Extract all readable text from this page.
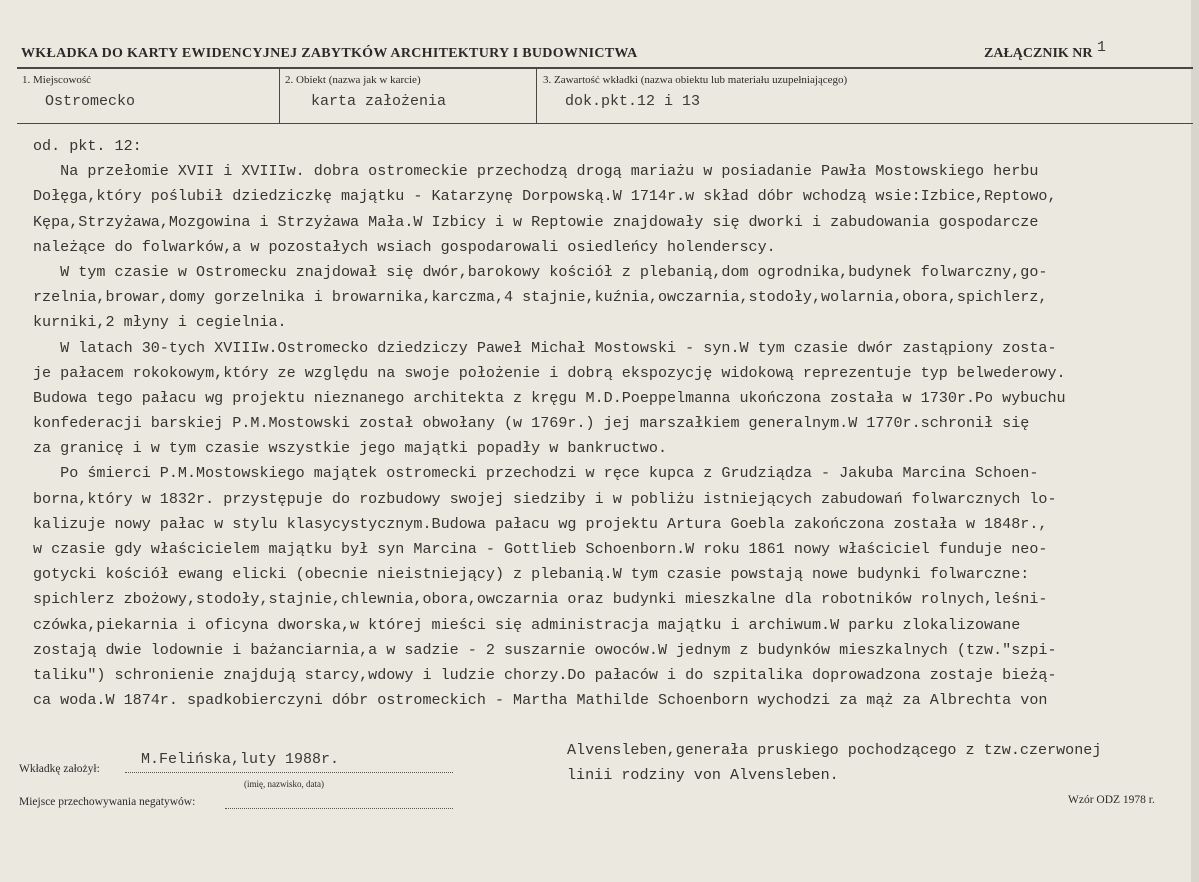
WKŁADKA DO KARTY EWIDENCYJNEJ ZABYTKÓW ARCHITEKTURY I BUDOWNICTWA	ZAŁĄCZNIK NR 1
1. Miejscowość
Ostromecko
2. Obiekt (nazwa jak w karcie)
karta założenia
3. Zawartość wkładki (nazwa obiektu lub materiału uzupełniającego)
dok.pkt.12 i 13
od. pkt. 12:
Na przełomie XVII i XVIIIw. dobra ostromeckie przechodzą drogą mariażu w posiadanie Pawła Mostowskiego herbu
Dołęga,który poślubił dziedziczkę majątku - Katarzynę Dorpowską.W 1714r.w skład dóbr wchodzą wsie:Izbice,Reptowo,
Kępa,Strzyżawa,Mozgowina i Strzyżawa Mała.W Izbicy i w Reptowie znajdowały się dworki i zabudowania gospodarcze
należące do folwarków,a w pozostałych wsiach gospodarowali osiedleńcy holenderscy.
W tym czasie w Ostromecku znajdował się dwór,barokowy kościół z plebanią,dom ogrodnika,budynek folwarczny,go-
rzelnia,browar,domy gorzelnika i browarnika,karczma,4 stajnie,kuźnia,owczarnia,stodoły,wolarnia,obora,spichlerz,
kurniki,2 młyny i cegielnia.
W latach 30-tych XVIIIw.Ostromecko dziedziczy Paweł Michał Mostowski - syn.W tym czasie dwór zastąpiony zosta-
je pałacem rokokowym,który ze względu na swoje położenie i dobrą ekspozycję widokową reprezentuje typ belwederowy.
Budowa tego pałacu wg projektu nieznanego architekta z kręgu M.D.Poeppelmanna ukończona została w 1730r.Po wybuchu
konfederacji barskiej P.M.Mostowski został obwołany (w 1769r.) jej marszałkiem generalnym.W 1770r.schronił się
za granicę i w tym czasie wszystkie jego majątki popadły w bankructwo.
Po śmierci P.M.Mostowskiego majątek ostromecki przechodzi w ręce kupca z Grudziądza - Jakuba Marcina Schoen-
borna,który w 1832r. przystępuje do rozbudowy swojej siedziby i w pobliżu istniejących zabudowań folwarcznych lo-
kalizuje nowy pałac w stylu klasycystycznym.Budowa pałacu wg projektu Artura Goebla zakończona została w 1848r.,
w czasie gdy właścicielem majątku był syn Marcina - Gottlieb Schoenborn.W roku 1861 nowy właściciel funduje neo-
gotycki kościół ewang elicki (obecnie nieistniejący) z plebanią.W tym czasie powstają nowe budynki folwarczne:
spichlerz zbożowy,stodoły,stajnie,chlewnia,obora,owczarnia oraz budynki mieszkalne dla robotników rolnych,leśni-
czówka,piekarnia i oficyna dworska,w której mieści się administracja majątku i archiwum.W parku zlokalizowane
zostają dwie lodownie i bażanciarnia,a w sadzie - 2 suszarnie owoców.W jednym z budynków mieszkalnych (tzw."szpi-
taliku") schronienie znajdują starcy,wdowy i ludzie chorzy.Do pałaców i do szpitalika doprowadzona zostaje bieżą-
ca woda.W 1874r. spadkobierczyni dóbr ostromeckich - Martha Mathilde Schoenborn wychodzi za mąż za Albrechta von
Alvensleben,generała pruskiego pochodzącego z tzw.czerwonej
linii rodziny von Alvensleben.
Wkładkę założył:
M.Felińska,luty 1988r.
(imię, nazwisko, data)
Miejsce przechowywania negatywów:	Wzór ODZ 1978 r.
